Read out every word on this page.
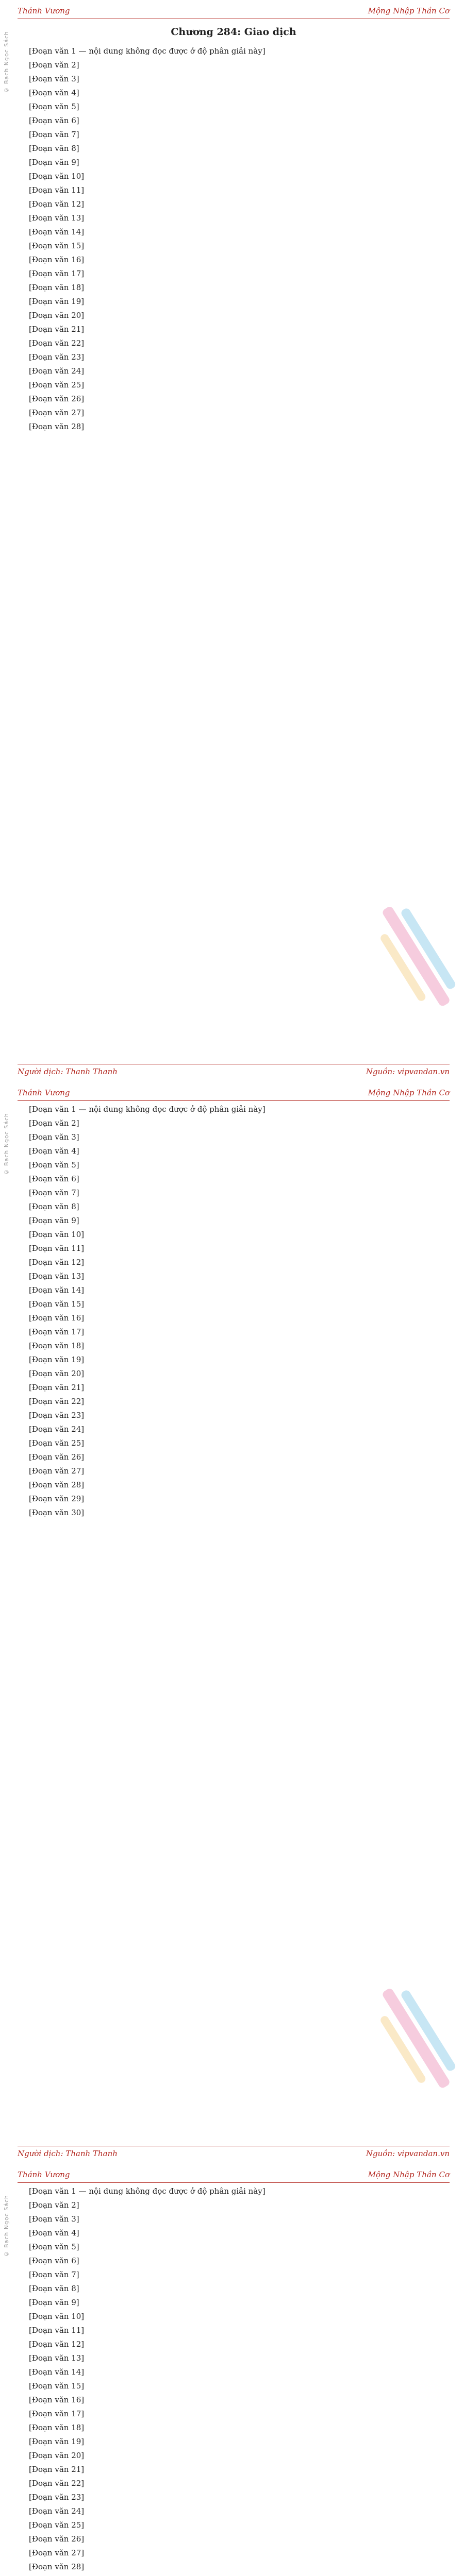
© Bạch Ngọc Sách
Thánh Vương	Mộng Nhập Thần Cơ
Chương 284: Giao dịch

[Đoạn văn 1 — nội dung không đọc được ở độ phân giải này]

[Đoạn văn 2]

[Đoạn văn 3]

[Đoạn văn 4]

[Đoạn văn 5]

[Đoạn văn 6]

[Đoạn văn 7]

[Đoạn văn 8]

[Đoạn văn 9]

[Đoạn văn 10]

[Đoạn văn 11]

[Đoạn văn 12]

[Đoạn văn 13]

[Đoạn văn 14]

[Đoạn văn 15]

[Đoạn văn 16]

[Đoạn văn 17]

[Đoạn văn 18]

[Đoạn văn 19]

[Đoạn văn 20]

[Đoạn văn 21]

[Đoạn văn 22]

[Đoạn văn 23]

[Đoạn văn 24]

[Đoạn văn 25]

[Đoạn văn 26]

[Đoạn văn 27]

[Đoạn văn 28]

Người dịch: Thanh Thanh	Nguồn: vipvandan.vn
© Bạch Ngọc Sách
Thánh Vương	Mộng Nhập Thần Cơ

[Đoạn văn 1 — nội dung không đọc được ở độ phân giải này]

[Đoạn văn 2]

[Đoạn văn 3]

[Đoạn văn 4]

[Đoạn văn 5]

[Đoạn văn 6]

[Đoạn văn 7]

[Đoạn văn 8]

[Đoạn văn 9]

[Đoạn văn 10]

[Đoạn văn 11]

[Đoạn văn 12]

[Đoạn văn 13]

[Đoạn văn 14]

[Đoạn văn 15]

[Đoạn văn 16]

[Đoạn văn 17]

[Đoạn văn 18]

[Đoạn văn 19]

[Đoạn văn 20]

[Đoạn văn 21]

[Đoạn văn 22]

[Đoạn văn 23]

[Đoạn văn 24]

[Đoạn văn 25]

[Đoạn văn 26]

[Đoạn văn 27]

[Đoạn văn 28]

[Đoạn văn 29]

[Đoạn văn 30]

Người dịch: Thanh Thanh	Nguồn: vipvandan.vn
© Bạch Ngọc Sách
Thánh Vương	Mộng Nhập Thần Cơ

[Đoạn văn 1 — nội dung không đọc được ở độ phân giải này]

[Đoạn văn 2]

[Đoạn văn 3]

[Đoạn văn 4]

[Đoạn văn 5]

[Đoạn văn 6]

[Đoạn văn 7]

[Đoạn văn 8]

[Đoạn văn 9]

[Đoạn văn 10]

[Đoạn văn 11]

[Đoạn văn 12]

[Đoạn văn 13]

[Đoạn văn 14]

[Đoạn văn 15]

[Đoạn văn 16]

[Đoạn văn 17]

[Đoạn văn 18]

[Đoạn văn 19]

[Đoạn văn 20]

[Đoạn văn 21]

[Đoạn văn 22]

[Đoạn văn 23]

[Đoạn văn 24]

[Đoạn văn 25]

[Đoạn văn 26]

[Đoạn văn 27]

[Đoạn văn 28]
